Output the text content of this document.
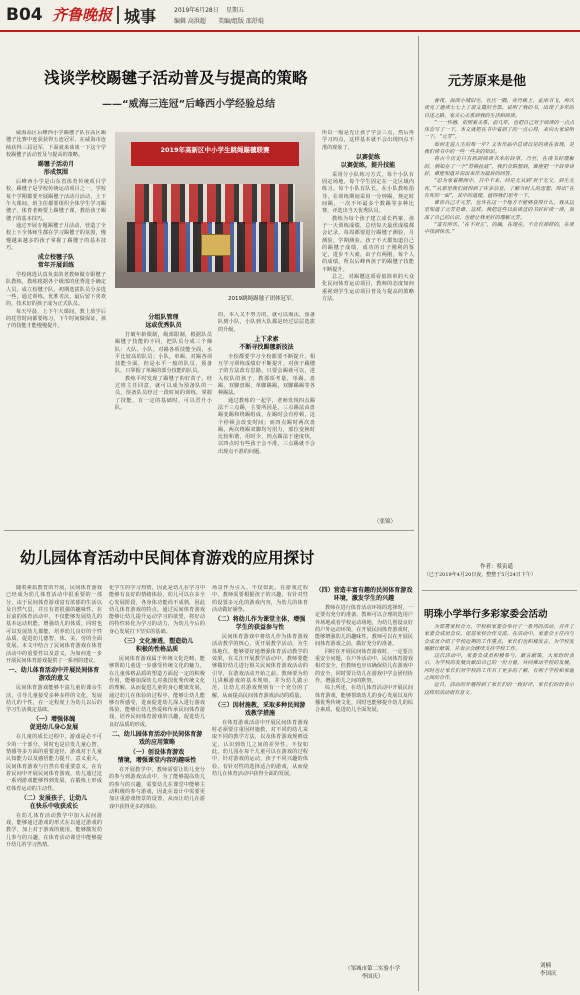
B04 齐鲁晚报 城事	2019年6月28日 星期五
编辑 高洪超 美编/组版 邵舒琨
浅谈学校踢毽子活动普及与提高的策略
——“威海三连冠”后峰西小学经验总结

威海高区后峰西小学踢毽子队在高区踢毽子比赛中连获获得五连冠军，在威海市连续获得三届冠军，下面就来谈谈一下这个学校踢毽子活动普及与提高的策略。

踢毽子活动月
形成氛围

后峰西小学是山东省体育传统项目学校，踢毽子是学校传统运动项目之一，学校每个学期都要开展踢毽子活动月活动，上下午大课间，班主任都要组织全体学生学习踢毽子，体育老师要上踢毽子课，教给孩子踢毽子的基本技巧。

通过开展专题踢毽子月活动，营造了全校上下全体师生都在学习踢毽子的氛围，慢慢越来越多的孩子掌握了踢毽子的基本技巧。

成立校毽子队
常年开展训练

学校挑选认真负责的老教师做专职毽子队教练，教练根据各个级部的优秀选手确定人员，成立校毽子队，初期选拔队员分多选一些，通过训练，优胜劣汰，最后留下喜欢的，技术好的孩子成为正式队员。

每天早晨，上下午大课间，教上放学后的托管时间都要练习，下午时间做保证，孩子的技能才能慢慢提升。

2019年高新区中小学生跳绳踢毽联赛
2019跳绳踢毽子团体冠军。
分组队管理
远或优秀队员

打破年龄限制，级部限制，根据队员踢毽子技能的不同，把队员分成三个梯队：大队、小队、对踢各项技能全面，水平比较高的队员；小队，单踢，对踢各项技能全面，但是水平一般的队员，预备队，只掌握了单踢的部分技能的队员。

教练平时发现了踢毽子的好苗子，经过班主任同意，就可以成为预备队的一员，预备队员经过一段时间的训练，掌握了技能，有一定的基础时，可以晋升小队。

的，本人又不努力的，就可以淘汰，预备队到小队，小队到大队都是经过层层选拔的升级。

上下求索
不断寻找踢毽新技法

全校都要学习全校都要不断提升，相互学习训练成绩好不断提升。对孩子踢毽子的方法改有思路，只要会踢就可以，进入校队的孩子，教那项考量，单踢，盘踢，双脚盘踢，单脚踢踢，双脚踢踢等各种踢法。

通过教练的一起学，老师发现四点踢法千三点踢，主要所因是，三点踢法由盘踢变踢和绕踢组成，在踢时会有停顿，这个停顿会改变时间；而四点踢时两次盘踢，两次绕踢双脚均匀用力，部位变换时比较和谐，用时少，四点踢法于速度快，以四点时有些孩子会不准，三点踢就不会出现点不准的问题。

所以一般是先让孩子学会三点，然后再学习四点，这样基本就不会出现四点不准的现象了。

以赛促练
以赛促练，提升技能

采用分小队练习方式，每个小队有固定场地，每个学生固定在一定区域内练习。每个小队有队长，在小队教练指导，在训练期间采用一分钟踢，规定时间踢，一次不坏最多个数踢等多种比赛，评选出当天优秀队员。

教练为每个孩子建立成长档案，孩子一天训练成绩，总结每天最优成绩都会记录，每周都要进行踢毽子测验，月测验，学期测验。孩子不天都知道自己的踢毽子成绩，成功的日子刚利的鉴定，进步不大就，由子有两刚，每个人的成绩，所以后峰西孩子的踢毽子技能不断提升。

总之，对踢毽这项看似简单的大众化民间体育运动项目，教师的态度如何重视到学生运动项目普及与提高的策略方法。

（张锦）
幼儿园体育活动中民间体育游戏的应用探讨

随着素质教育的开展，民间体育游戏已经成为幼儿体育活动中很重要的一部分。由于民间体育游戏富有浓郁的生活以及自然气息，并且有着很强的趣味性，在目前的体育活动中，不仅能够发展幼儿的基本运动机能，增强幼儿的体质，同时也可以发展幼儿都能，培养幼儿良好的个性品质，促进幼儿德智，体、美、劳的全面发展。本文中结合了民间体育游戏在体育活动中的重要性以及意义，为如何进一步开展民间体育游戏提供了一系列的建议。

一、幼儿体育活动中开展民间体育游戏的意义

民间体育游戏能够丰富儿童的课余生活，引导儿童接受多种多样的文化，发展幼儿的个性，在一定程度上为幼儿以后的学习生活奠定基础。

（一）增强体魄
促进幼儿身心发展

在儿童的成长过程中，游戏是必不可少的一个部分，同时也是启发儿童心智、情感等多方面的重要途径，游戏对于儿童认知能力以及感悟能力提升，意义重大，民间体育游戏与自然有着重要意义，在有着民间中开展民间体育游戏，幼儿通过这一系列游戏能够得到发展，在锻炼上形成对体育运动的主动性。

（二）发展孩子，让幼儿
在快乐中收获成长

在幼儿体育活动教学中加入民间游戏，能够通过游戏的形式在以通过游戏的教学，加上对于游戏的使用，能够激发幼儿参与的兴趣，在体育活动课堂中能够提升幼儿的学习热情。

化学生的学习热情，因此是幼儿在学习中能够有良好的情绪体验，幼儿可以在多全心发展阶段，各身体功能尚不成熟，因此幼儿体育游戏的特点，通过民间体育游戏能够让幼儿提升运动学习的欲望，将好动的特性转化为学习的动力，为幼儿今后的身心发展打下坚实的基础。

（三）文化渗透，塑造幼儿
积极的性格品质

民间体育游戏属于传统文化范畴，能够帮助儿童进一步感受传统文化的魅力，在儿童体格品质的塑造方面起一定的积极作用，能够加深幼儿对我国优秀传统文化的理解，从而促进儿童的身心健康发展，通过幼儿在体验的过程中，能够让幼儿能够有所感受，进而促进幼儿深入进行游戏体验，能够让幼儿热爱和传承民间体育游戏，培养民间体育游戏的兴趣，促进幼儿良好品质的形成。

二、幼儿园体育活动中民间体育游戏的应用策略
（一）创设体育游戏
情境，增强课堂内容的趣味性

在开展教学中，教师需要让幼儿充分的参与到游戏活动中，为了能够提高幼儿的参与的兴趣，需要幼儿在课堂中能够主动积极的参与游戏，因此在设计中需要更加注重游戏情景的设置，从而让幼儿在游戏中获得更多的体验。

场景作为引入，不仅如此，在游戏过程中，教师需要根据孩子的兴趣，有针对性的设置多元化的游戏内容，为幼儿的体育活动做好铺垫。

（二）将幼儿作为课堂主体，增强学生的获益参与性

民间体育游戏中将幼儿作为体育游戏活动教学的核心，更开展教学活动，为生体地位，能够要好地增强体育活动教学的效果，在关注开展教学活动中，教师要能够做好幼儿进行相关民间体育游戏活动的引导，在游戏活动开始之前，教师要为幼儿讲解游戏的基本规则，并为幼儿做示范，让幼儿对游戏规则有一个充分的了解，从而提高民间体育游戏活动的质量。

（三）因材施教，采取多种民间游戏教学措施

在体育游戏活动中开展民间体育游戏时必须要注重因材施教，对不同的幼儿采取不同的教学方法，以及体育游戏规则设定，认识到幼儿之间的差异性。不仅如此，幼儿园在每个儿童可以在游戏的过程中，针对游戏的运动，孩子不同兴趣的体验，有针对性的选择适合的游戏，从而使幼儿在体育活动中获得全面的发展。

（四）营造丰富有趣的民间体育游戏环境，激发学生的兴趣

教师在进行体育活动环境的选择时，一定要有充分的准备。教师可以合理的选用户外场地或者学校运动场地，为幼儿创设良好的户外运动环境，在开展民间体育游戏时，能够增强幼儿的趣味性，教师可以在开展民间体育游戏之前，做好充分的准备。

同时在开展民间体育游戏时，一定要注重安全问题，在户外活动中，民间体育游戏相对安全，但教师也应该确保幼儿在游戏中的安全，同时要让幼儿在游戏中学会团结协作，增强幼儿之间的默契。

综上所述，在幼儿体育活动中开展民间体育游戏，能够帮助幼儿的身心发展以及传播优秀传统文化，同时也能够提升幼儿的综合素质，促进幼儿全面发展。

（邹城市第二实验小学
李国庆）
元芳原来是他

春夜，海滨小城旧宅，社区一隅，夹竹桃上，孟雨书飞，再次读完了通读七七上了语文篇的全部。说明了我的书，出现了多年的自述之路，家关心关系到我的生活和阅读。

“一一怀感，依照着关系，前几年，也把自己对于阅读的一点点体会写了一下，本文就把在书中看到了的一点心得，来向大家说明一下，“元芳”。

如何走进人生的每一步？文本作品中总读以是的读在表现，是我们读书中的一些一些美的知识。

将古今历史只有抓到阅读书本的故事，乃至，在读书好理解的，例如在了一个“苏格拉底”，我们会联想到，谁能把一个故事讲好，谁能知道并说出来作为最后的回答。

“忍为家看期间中，日中不来，同是无从到‘对于无父，到生无死。’”从那里我们就得到了许多信息，了解当时人的思想，得出“在有死的一面”，其中的道理，值得我们思考一下。

谁你自己才元芳，也许在这一个地方不能够获得什么，我从这里知道了元芳是谁，这样，我把这些以前读过的书好好读一读，加深了自己的认识，也能让我更好的理解元芳。

“富有所乐，‘在不对正’，的确，在现在，不会有那样的，在读中找到快乐。”

作者：蔡寅遥
（已于2019年4月20日夜，整整于5月24日下午）
明珠小学举行多彩家委会活动

为部署家校合力，学校和家委会举行了一系列的活动，召开了家委会成员会议，促进家校合作交流。在活动中，家委会主任向与会成员介绍了学校近期的工作重点，家长们也积极发言，为学校发展献计献策，并表示会继续支持学校工作。

这次活动中，家委会成员积极参与，献言献策，大家纷纷表示，为学校的发展贡献出自己的一份力量，共同推动学校的发展。同时也让家长们对学校的工作有了更多的了解，有利于学校和家庭之间的合作。

近日，活动的开展得到了家长们的一致好评，家长们纷纷表示这样的活动很有意义。

刘楠
李国庆
